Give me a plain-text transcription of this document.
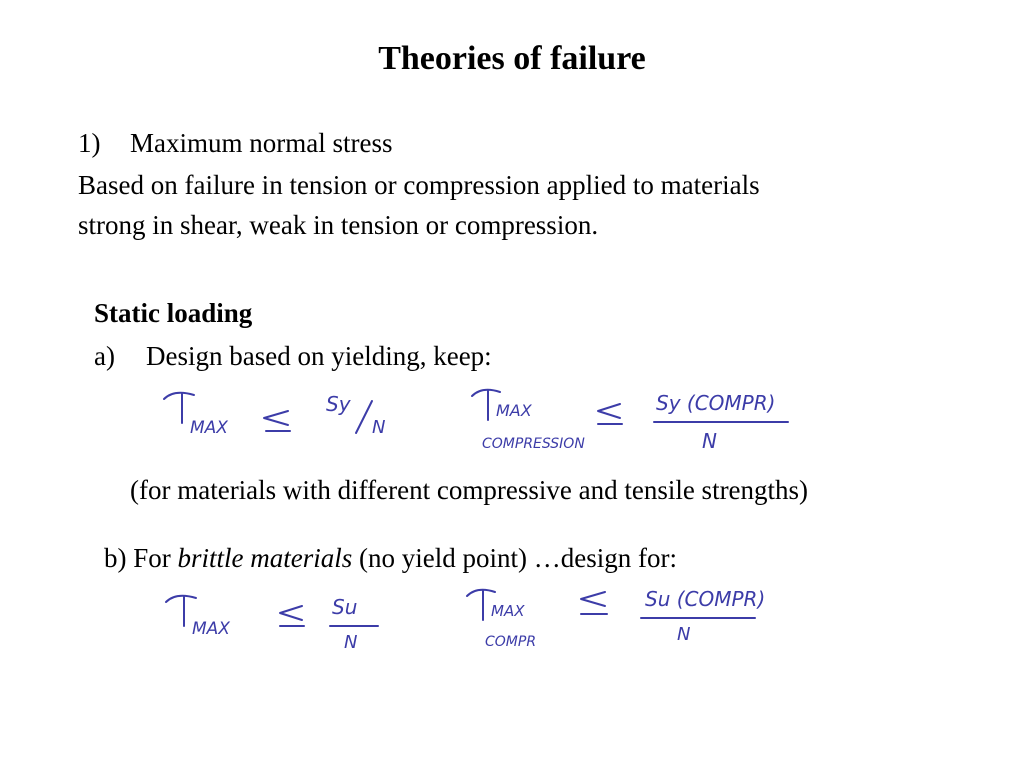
Theories of failure
1) Maximum normal stress
Based on failure in tension or compression applied to materials
strong in shear, weak in tension or compression.
Static loading
a) Design based on yielding, keep:
MAX
Sy
N
MAX
COMPRESSION
Sy (COMPR)
N
(for materials with different compressive and tensile strengths)
b) For brittle materials (no yield point) …design for:
MAX
Su
N
MAX
COMPR
Su (COMPR)
N
